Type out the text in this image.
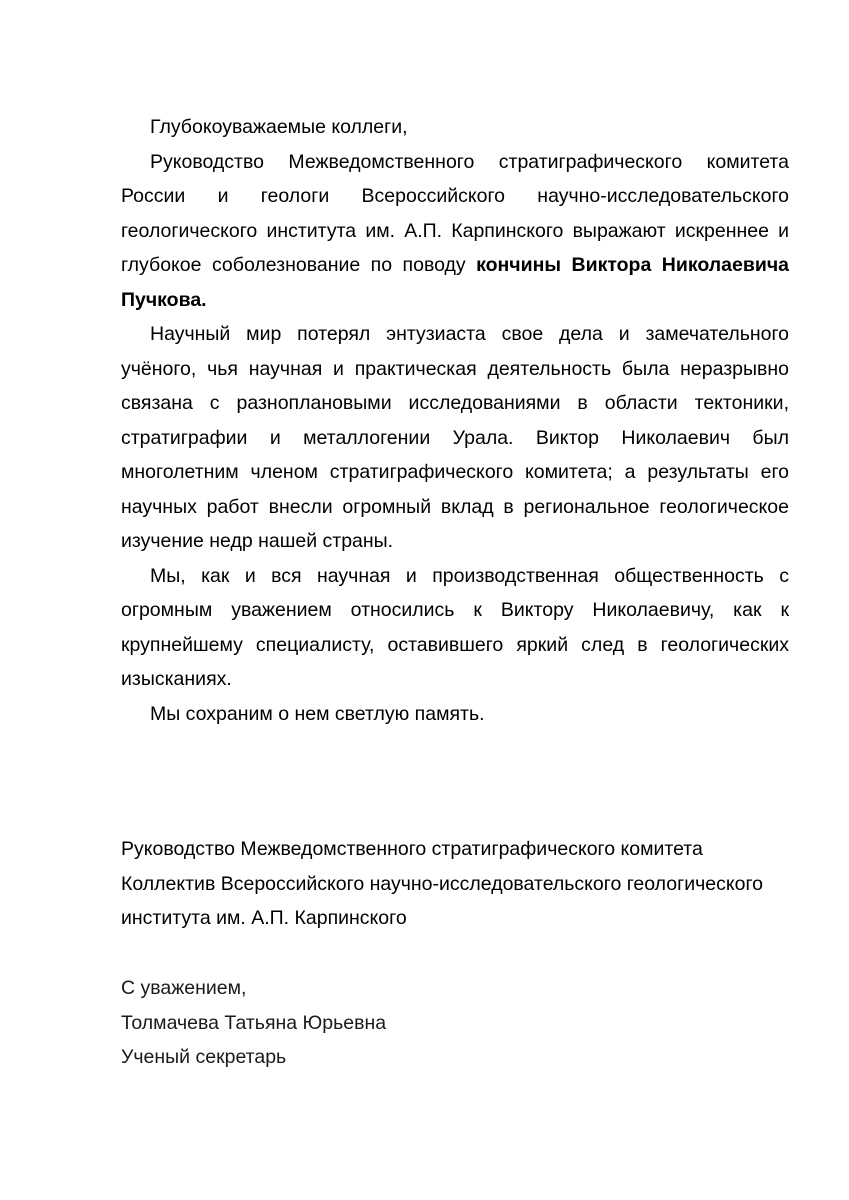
Глубокоуважаемые коллеги,

Руководство Межведомственного стратиграфического комитета России и геологи Всероссийского научно-исследовательского геологического института им. А.П. Карпинского выражают искреннее и глубокое соболезнование по поводу кончины Виктора Николаевича Пучкова.

Научный мир потерял энтузиаста свое дела и замечательного учёного, чья научная и практическая деятельность была неразрывно связана с разноплановыми исследованиями в области тектоники, стратиграфии и металлогении Урала. Виктор Николаевич был многолетним членом стратиграфического комитета; а результаты его научных работ внесли огромный вклад в региональное геологическое изучение недр нашей страны.

Мы, как и вся научная и производственная общественность с огромным уважением относились к Виктору Николаевичу, как к крупнейшему специалисту, оставившего яркий след в геологических изысканиях.

Мы сохраним о нем светлую память.

Руководство Межведомственного стратиграфического комитета

Коллектив Всероссийского научно-исследовательского геологического института им. А.П. Карпинского

С уважением,

Толмачева Татьяна Юрьевна

Ученый секретарь
